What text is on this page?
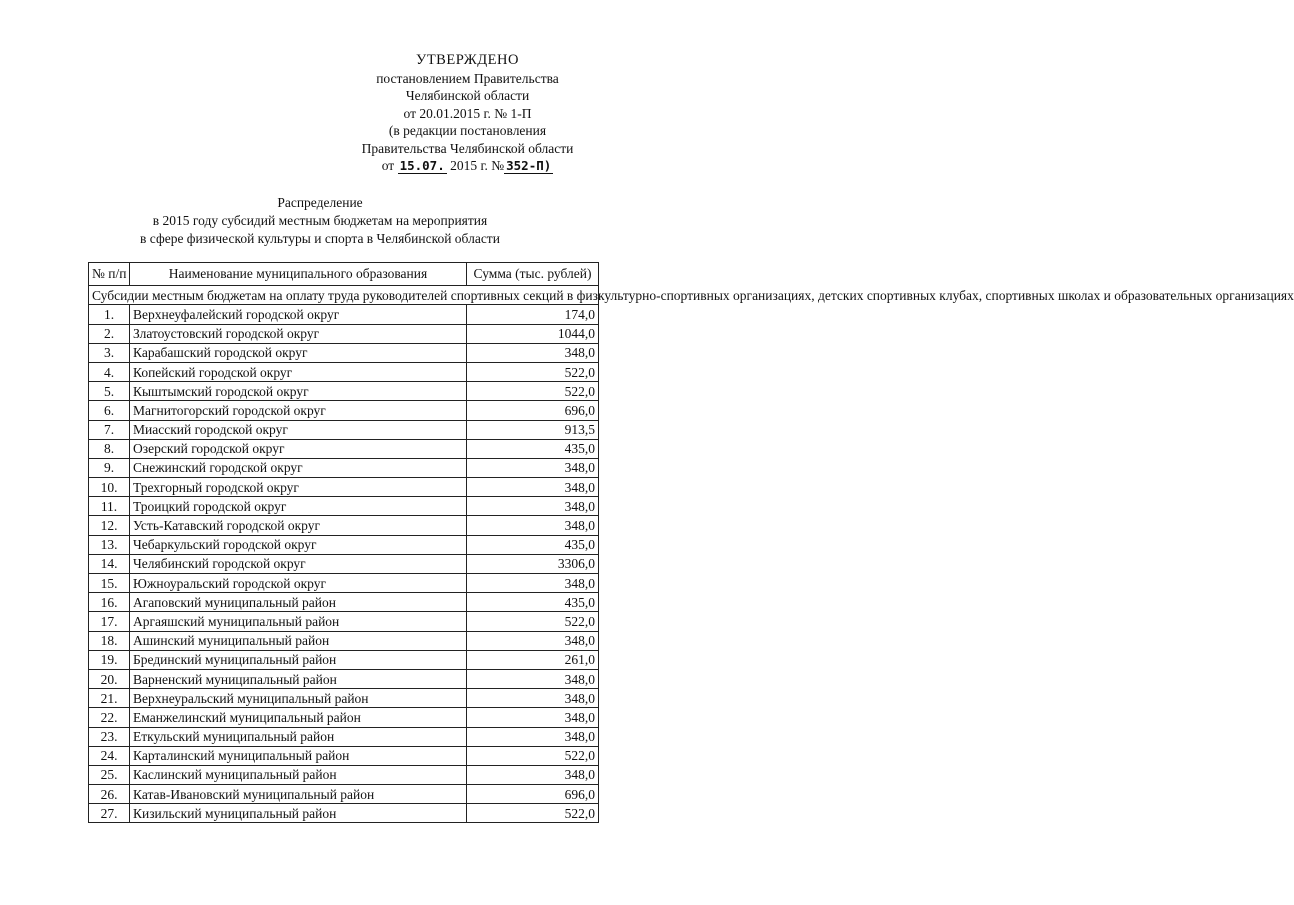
УТВЕРЖДЕНО
постановлением Правительства
Челябинской области
от 20.01.2015 г. № 1-П
(в редакции постановления
Правительства Челябинской области
от 15.07. 2015 г. № 352-П)
Распределение
в 2015 году субсидий местным бюджетам на мероприятия
в сфере физической культуры и спорта в Челябинской области
№ п/п	Наименование муниципального образования	Сумма (тыс. рублей)
Субсидии местным бюджетам на оплату труда руководителей спортивных секций в физкультурно-спортивных организациях, детских спортивных клубах, спортивных школах и образовательных организациях		
1.	Верхнеуфалейский городской округ	174,0
2.	Златоустовский городской округ	1044,0
3.	Карабашский городской округ	348,0
4.	Копейский городской округ	522,0
5.	Кыштымский городской округ	522,0
6.	Магнитогорский городской округ	696,0
7.	Миасский городской округ	913,5
8.	Озерский городской округ	435,0
9.	Снежинский городской округ	348,0
10.	Трехгорный городской округ	348,0
11.	Троицкий городской округ	348,0
12.	Усть-Катавский городской округ	348,0
13.	Чебаркульский городской округ	435,0
14.	Челябинский городской округ	3306,0
15.	Южноуральский городской округ	348,0
16.	Агаповский муниципальный район	435,0
17.	Аргаяшский муниципальный район	522,0
18.	Ашинский муниципальный район	348,0
19.	Брединский муниципальный район	261,0
20.	Варненский муниципальный район	348,0
21.	Верхнеуральский муниципальный район	348,0
22.	Еманжелинский муниципальный район	348,0
23.	Еткульский муниципальный район	348,0
24.	Карталинский муниципальный район	522,0
25.	Каслинский муниципальный район	348,0
26.	Катав-Ивановский муниципальный район	696,0
27.	Кизильский муниципальный район	522,0
